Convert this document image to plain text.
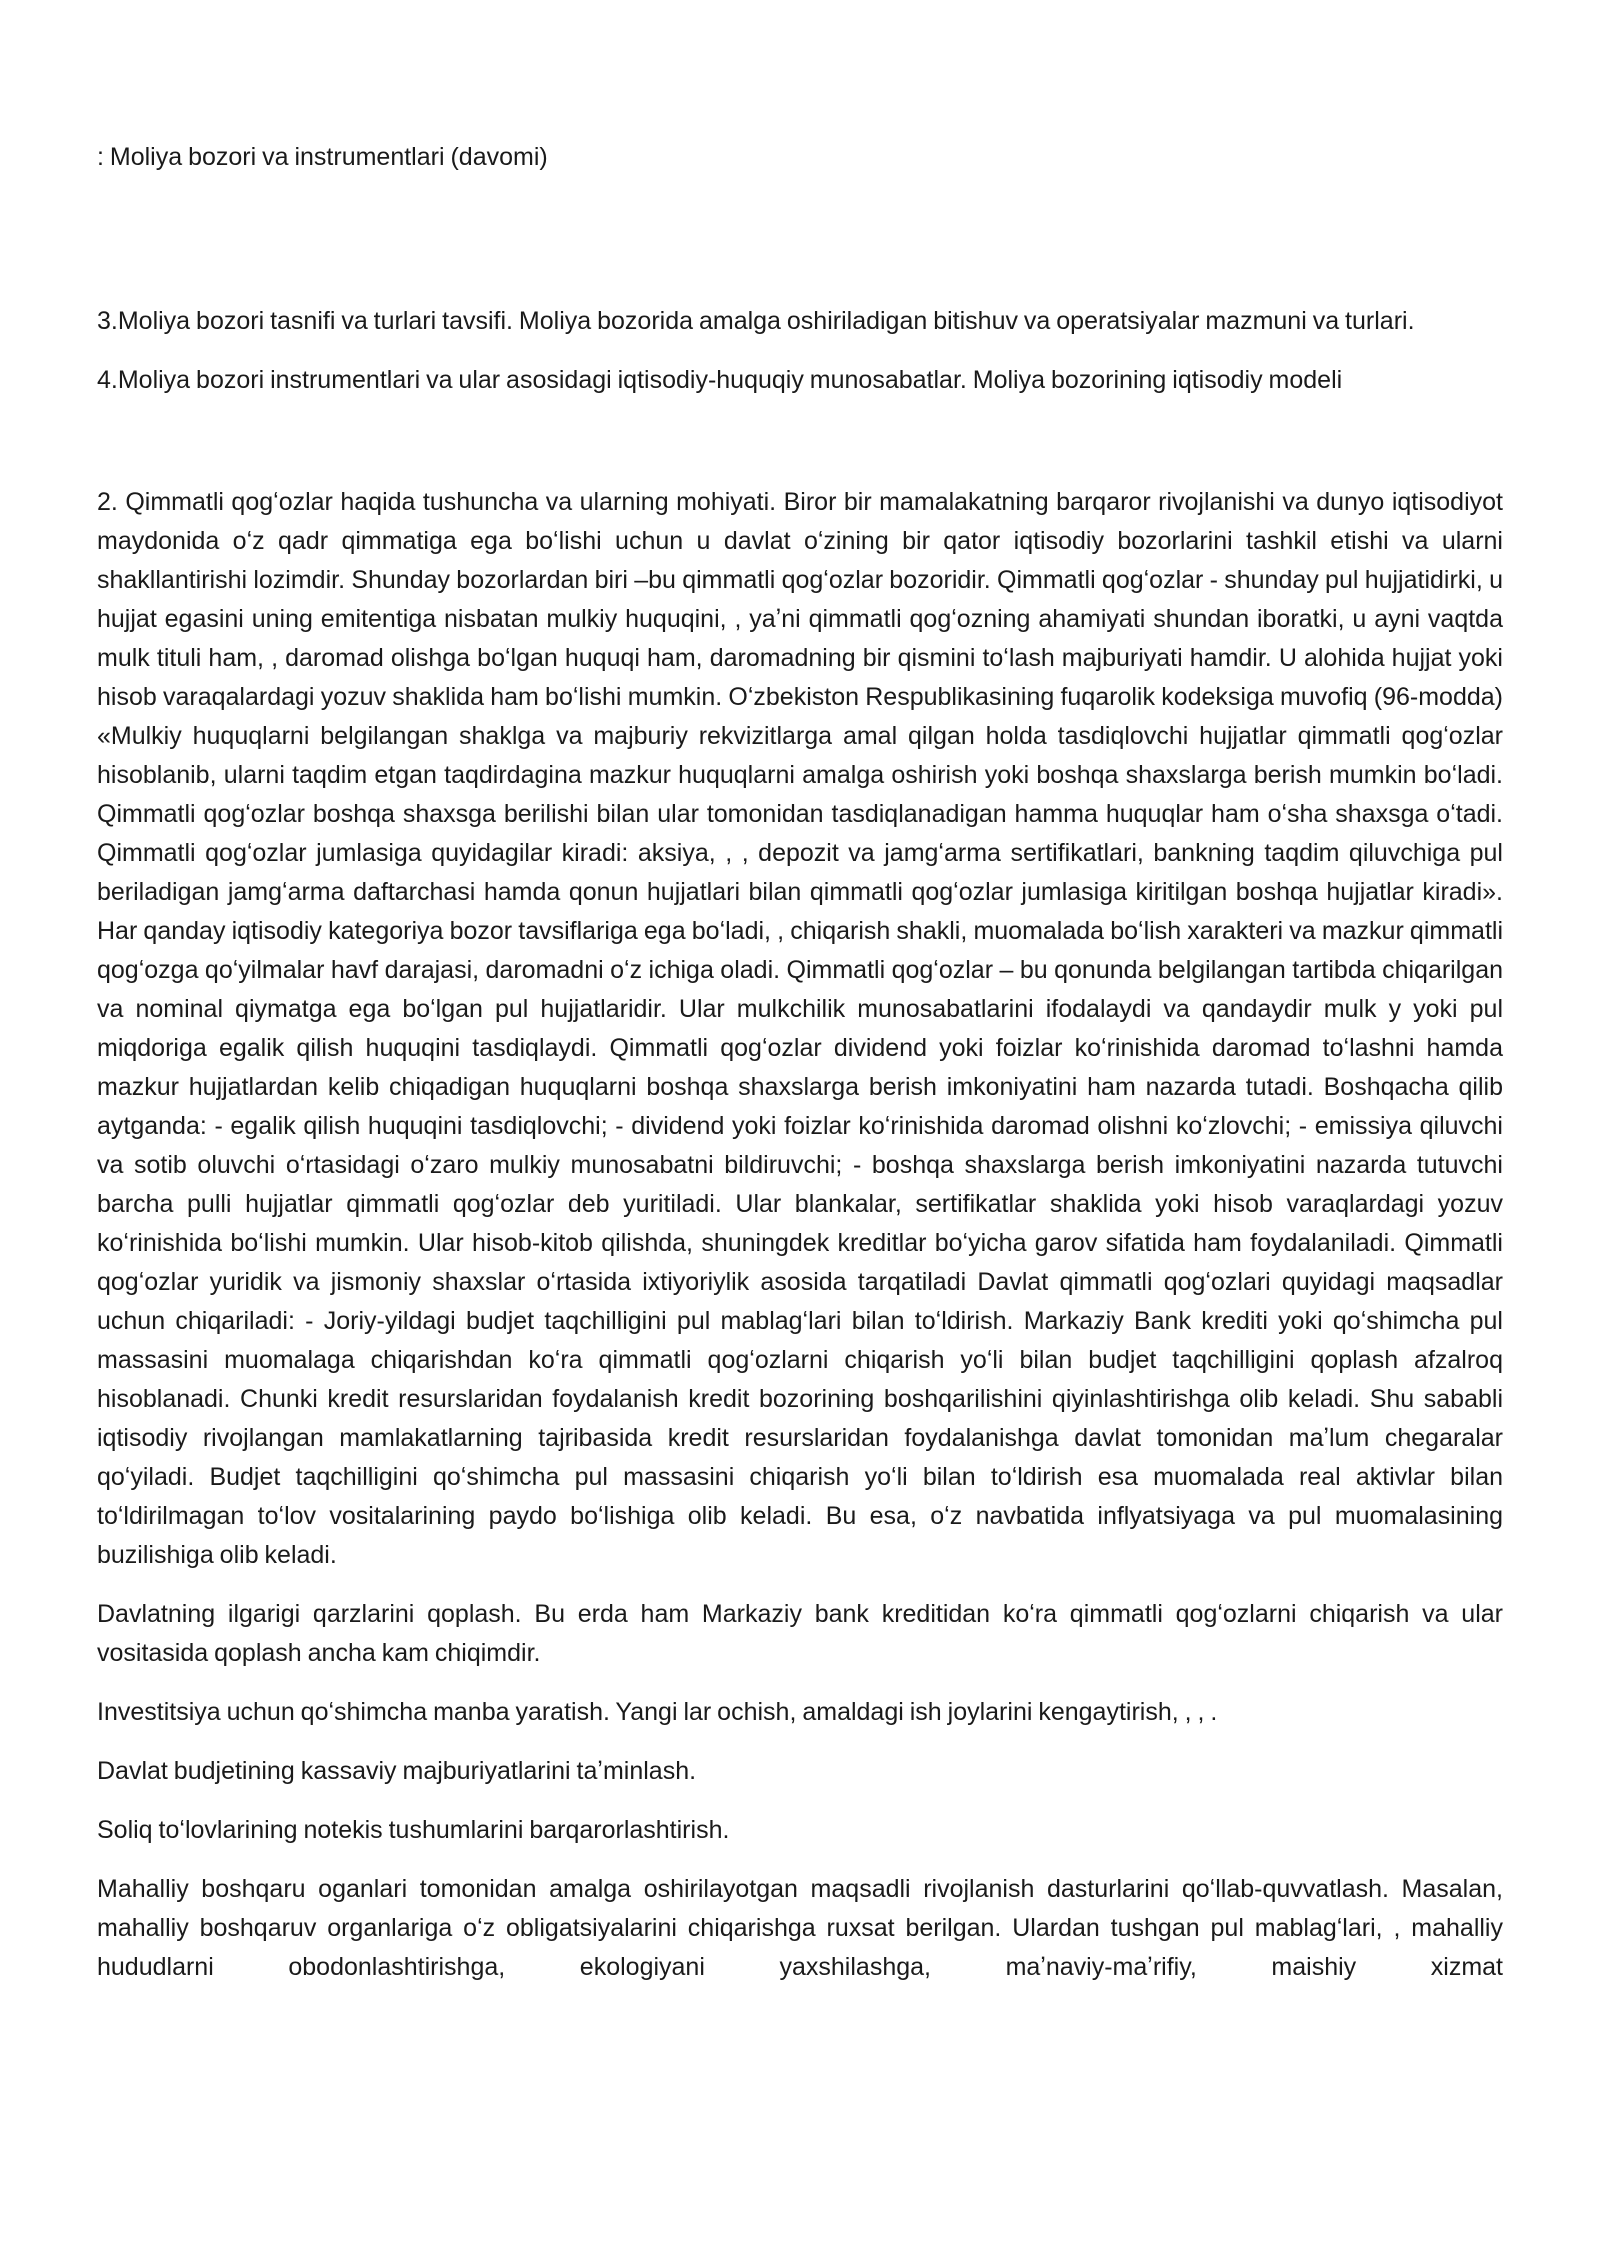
: Moliya bozori va instrumentlari (davomi)

3.Moliya bozori tasnifi va turlari tavsifi. Moliya bozorida amalga oshiriladigan bitishuv va operatsiyalar mazmuni va turlari.

4.Moliya bozori instrumentlari va ular asosidagi iqtisodiy-huquqiy munosabatlar. Moliya bozorining iqtisodiy modeli

2. Qimmatli qogʻozlar haqida tushuncha va ularning mohiyati. Biror bir mamalakatning barqaror rivojlanishi va dunyo iqtisodiyot maydonida oʻz qadr qimmatiga ega boʻlishi uchun u davlat oʻzining bir qator iqtisodiy bozorlarini tashkil etishi va ularni shakllantirishi lozimdir. Shunday bozorlardan biri –bu qimmatli qogʻozlar bozoridir. Qimmatli qogʻozlar - shunday pul hujjatidirki, u hujjat egasini uning emitentiga nisbatan mulkiy huquqini, , yaʼni qimmatli qogʻozning ahamiyati shundan iboratki, u ayni vaqtda mulk tituli ham, , daromad olishga boʻlgan huquqi ham, daromadning bir qismini toʻlash majburiyati hamdir. U alohida hujjat yoki hisob varaqalardagi yozuv shaklida ham boʻlishi mumkin. Oʻzbekiston Respublikasining fuqarolik kodeksiga muvofiq (96-modda) «Mulkiy huquqlarni belgilangan shaklga va majburiy rekvizitlarga amal qilgan holda tasdiqlovchi hujjatlar qimmatli qogʻozlar hisoblanib, ularni taqdim etgan taqdirdagina mazkur huquqlarni amalga oshirish yoki boshqa shaxslarga berish mumkin boʻladi. Qimmatli qogʻozlar boshqa shaxsga berilishi bilan ular tomonidan tasdiqlanadigan hamma huquqlar ham oʻsha shaxsga oʻtadi. Qimmatli qogʻozlar jumlasiga quyidagilar kiradi: aksiya, , , depozit va jamgʻarma sertifikatlari, bankning taqdim qiluvchiga pul beriladigan jamgʻarma daftarchasi hamda qonun hujjatlari bilan qimmatli qogʻozlar jumlasiga kiritilgan boshqa hujjatlar kiradi». Har qanday iqtisodiy kategoriya bozor tavsiflariga ega boʻladi, , chiqarish shakli, muomalada boʻlish xarakteri va mazkur qimmatli qogʻozga qoʻyilmalar havf darajasi, daromadni oʻz ichiga oladi. Qimmatli qogʻozlar – bu qonunda belgilangan tartibda chiqarilgan va nominal qiymatga ega boʻlgan pul hujjatlaridir. Ular mulkchilik munosabatlarini ifodalaydi va qandaydir mulk y yoki pul miqdoriga egalik qilish huquqini tasdiqlaydi. Qimmatli qogʻozlar dividend yoki foizlar koʻrinishida daromad toʻlashni hamda mazkur hujjatlardan kelib chiqadigan huquqlarni boshqa shaxslarga berish imkoniyatini ham nazarda tutadi. Boshqacha qilib aytganda: - egalik qilish huquqini tasdiqlovchi; - dividend yoki foizlar koʻrinishida daromad olishni koʻzlovchi; - emissiya qiluvchi va sotib oluvchi oʻrtasidagi oʻzaro mulkiy munosabatni bildiruvchi; - boshqa shaxslarga berish imkoniyatini nazarda tutuvchi barcha pulli hujjatlar qimmatli qogʻozlar deb yuritiladi. Ular blankalar, sertifikatlar shaklida yoki hisob varaqlardagi yozuv koʻrinishida boʻlishi mumkin. Ular hisob-kitob qilishda, shuningdek kreditlar boʻyicha garov sifatida ham foydalaniladi. Qimmatli qogʻozlar yuridik va jismoniy shaxslar oʻrtasida ixtiyoriylik asosida tarqatiladi Davlat qimmatli qogʻozlari quyidagi maqsadlar uchun chiqariladi: - Joriy-yildagi budjet taqchilligini pul mablagʻlari bilan toʻldirish. Markaziy Bank krediti yoki qoʻshimcha pul massasini muomalaga chiqarishdan koʻra qimmatli qogʻozlarni chiqarish yoʻli bilan budjet taqchilligini qoplash afzalroq hisoblanadi. Chunki kredit resurslaridan foydalanish kredit bozorining boshqarilishini qiyinlashtirishga olib keladi. Shu sababli iqtisodiy rivojlangan mamlakatlarning tajribasida kredit resurslaridan foydalanishga davlat tomonidan maʼlum chegaralar qoʻyiladi. Budjet taqchilligini qoʻshimcha pul massasini chiqarish yoʻli bilan toʻldirish esa muomalada real aktivlar bilan toʻldirilmagan toʻlov vositalarining paydo boʻlishiga olib keladi. Bu esa, oʻz navbatida inflyatsiyaga va pul muomalasining buzilishiga olib keladi.

Davlatning ilgarigi qarzlarini qoplash. Bu erda ham Markaziy bank kreditidan koʻra qimmatli qogʻozlarni chiqarish va ular vositasida qoplash ancha kam chiqimdir.

Investitsiya uchun qoʻshimcha manba yaratish. Yangi lar ochish, amaldagi ish joylarini kengaytirish, , , .

Davlat budjetining kassaviy majburiyatlarini taʼminlash.

Soliq toʻlovlarining notekis tushumlarini barqarorlashtirish.

Mahalliy boshqaru oganlari tomonidan amalga oshirilayotgan maqsadli rivojlanish dasturlarini qoʻllab-quvvatlash. Masalan, mahalliy boshqaruv organlariga oʻz obligatsiyalarini chiqarishga ruxsat berilgan. Ulardan tushgan pul mablagʻlari, , mahalliy hududlarni obodonlashtirishga, ekologiyani yaxshilashga, maʼnaviy-maʼrifiy, maishiy xizmat
